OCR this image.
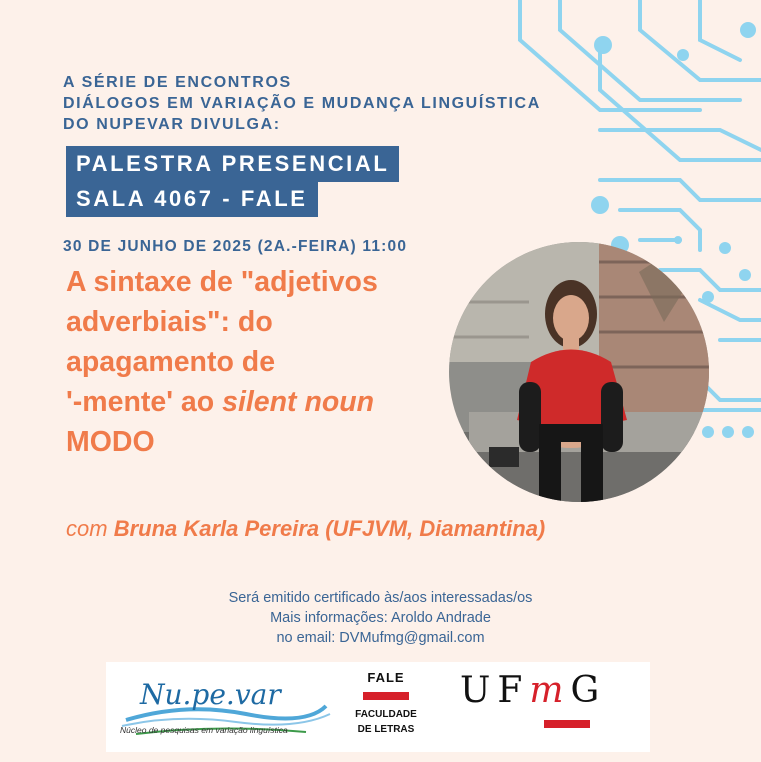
A SÉRIE DE ENCONTROS
DIÁLOGOS EM VARIAÇÃO E MUDANÇA LINGUÍSTICA
DO NUPEVAR DIVULGA:
PALESTRA PRESENCIAL
SALA 4067 - FALE
30 DE JUNHO DE 2025 (2A.-FEIRA) 11:00
A sintaxe de "adjetivos
adverbiais": do
apagamento de
'-mente' ao silent noun
MODO
com Bruna Karla Pereira (UFJVM, Diamantina)
Será emitido certificado às/aos interessadas/os
Mais informações: Aroldo Andrade
no email: DVMufmg@gmail.com
Nu.pe.var
Núcleo de pesquisas em variação linguística
FALE
FACULDADE
DE LETRAS
UFmG
